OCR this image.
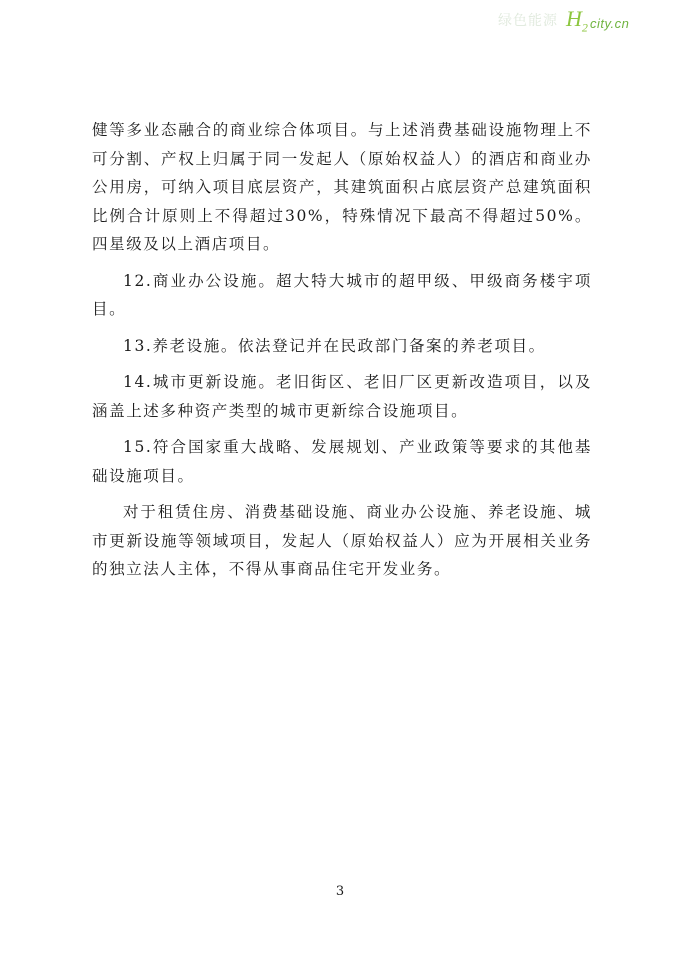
绿色能源 $H_2$ city.cn

健等多业态融合的商业综合体项目。与上述消费基础设施物理上不可分割、产权上归属于同一发起人（原始权益人）的酒店和商业办公用房，可纳入项目底层资产，其建筑面积占底层资产总建筑面积比例合计原则上不得超过30%，特殊情况下最高不得超过50%。四星级及以上酒店项目。

12.商业办公设施。超大特大城市的超甲级、甲级商务楼宇项目。

13.养老设施。依法登记并在民政部门备案的养老项目。

14.城市更新设施。老旧街区、老旧厂区更新改造项目，以及涵盖上述多种资产类型的城市更新综合设施项目。

15.符合国家重大战略、发展规划、产业政策等要求的其他基础设施项目。

对于租赁住房、消费基础设施、商业办公设施、养老设施、城市更新设施等领域项目，发起人（原始权益人）应为开展相关业务的独立法人主体，不得从事商品住宅开发业务。

3
